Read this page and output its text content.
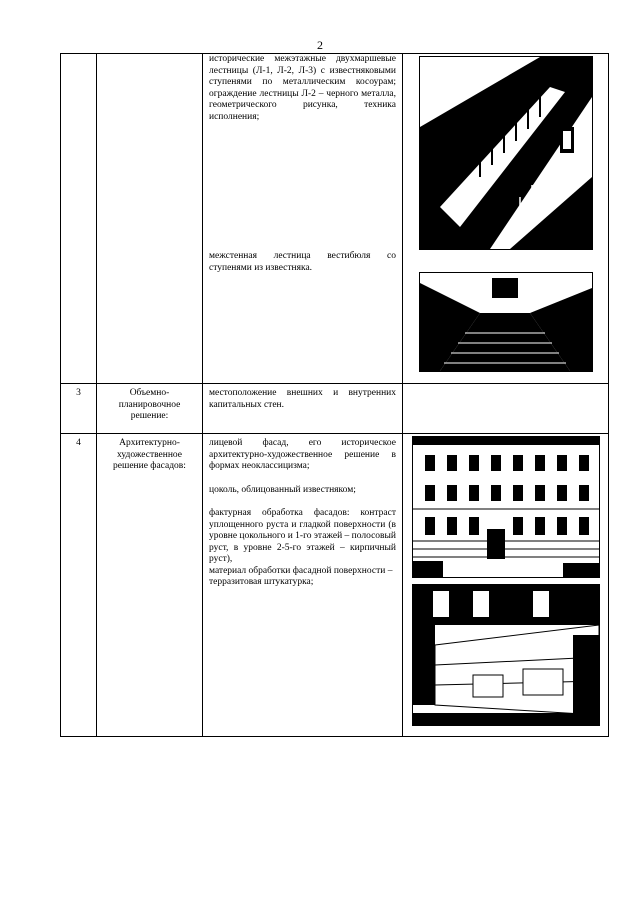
2

		исторические межэтажные двухмаршевые лестницы (Л-1, Л-2, Л-3) с известняковыми ступенями по металлическим косоурам; ограждение лестницы Л-2 – черного металла, геометрического рисунка, техника исполнения;

межстенная лестница вестибюля со ступенями из известняка.

3	Объемно-планировочное решение:	местоположение внешних и внутренних капитальных стен.	

4	Архитектурно-художественное решение фасадов:	лицевой фасад, его историческое архитектурно-художественное решение в формах неоклассицизма;

цоколь, облицованный известняком;

фактурная обработка фасадов: контраст уплощенного руста и гладкой поверхности (в уровне цокольного и 1-го этажей – полосовый руст, в уровне 2-5-го этажей – кирпичный руст),

материал обработки фасадной поверхности – терразитовая штукатурка;
